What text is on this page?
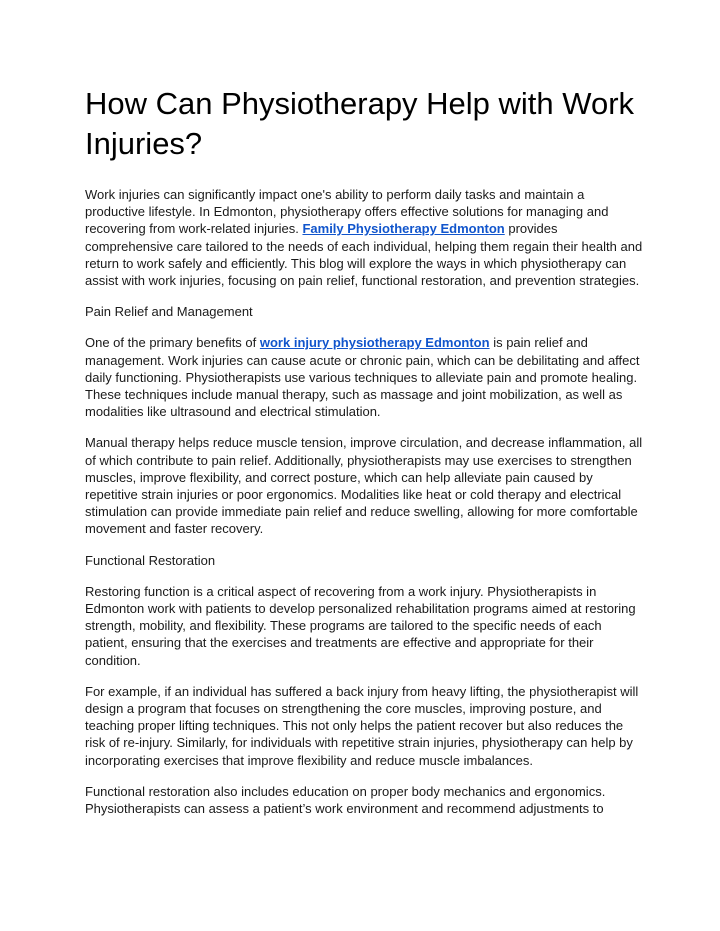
How Can Physiotherapy Help with Work Injuries?

Work injuries can significantly impact one's ability to perform daily tasks and maintain a productive lifestyle. In Edmonton, physiotherapy offers effective solutions for managing and recovering from work-related injuries. Family Physiotherapy Edmonton provides comprehensive care tailored to the needs of each individual, helping them regain their health and return to work safely and efficiently. This blog will explore the ways in which physiotherapy can assist with work injuries, focusing on pain relief, functional restoration, and prevention strategies.

Pain Relief and Management

One of the primary benefits of work injury physiotherapy Edmonton is pain relief and management. Work injuries can cause acute or chronic pain, which can be debilitating and affect daily functioning. Physiotherapists use various techniques to alleviate pain and promote healing. These techniques include manual therapy, such as massage and joint mobilization, as well as modalities like ultrasound and electrical stimulation.

Manual therapy helps reduce muscle tension, improve circulation, and decrease inflammation, all of which contribute to pain relief. Additionally, physiotherapists may use exercises to strengthen muscles, improve flexibility, and correct posture, which can help alleviate pain caused by repetitive strain injuries or poor ergonomics. Modalities like heat or cold therapy and electrical stimulation can provide immediate pain relief and reduce swelling, allowing for more comfortable movement and faster recovery.

Functional Restoration

Restoring function is a critical aspect of recovering from a work injury. Physiotherapists in Edmonton work with patients to develop personalized rehabilitation programs aimed at restoring strength, mobility, and flexibility. These programs are tailored to the specific needs of each patient, ensuring that the exercises and treatments are effective and appropriate for their condition.

For example, if an individual has suffered a back injury from heavy lifting, the physiotherapist will design a program that focuses on strengthening the core muscles, improving posture, and teaching proper lifting techniques. This not only helps the patient recover but also reduces the risk of re-injury. Similarly, for individuals with repetitive strain injuries, physiotherapy can help by incorporating exercises that improve flexibility and reduce muscle imbalances.

Functional restoration also includes education on proper body mechanics and ergonomics. Physiotherapists can assess a patient’s work environment and recommend adjustments to
